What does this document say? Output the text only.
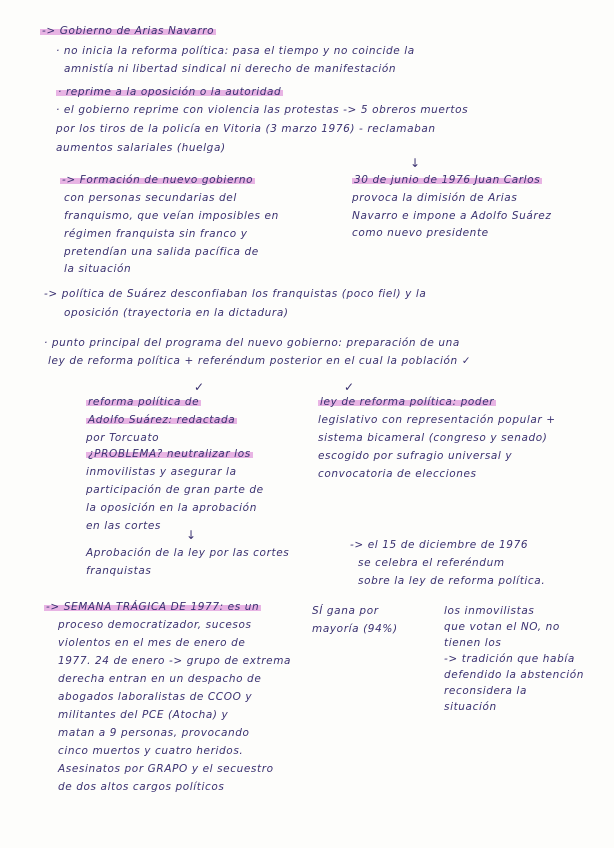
-> Gobierno de Arias Navarro
· no inicia la reforma política: pasa el tiempo y no coincide la
amnistía ni libertad sindical ni derecho de manifestación
· reprime a la oposición o la autoridad
· el gobierno reprime con violencia las protestas -> 5 obreros muertos
por los tiros de la policía en Vitoria (3 marzo 1976) - reclamaban
aumentos salariales (huelga)
-> Formación de nuevo gobierno
con personas secundarias del
franquismo, que veían imposibles en
régimen franquista sin franco y
pretendían una salida pacífica de
la situación
↓
30 de junio de 1976 Juan Carlos
provoca la dimisión de Arias
Navarro e impone a Adolfo Suárez
como nuevo presidente
-> política de Suárez desconfiaban los franquistas (poco fiel) y la
oposición (trayectoria en la dictadura)
· punto principal del programa del nuevo gobierno: preparación de una
ley de reforma política + referéndum posterior en el cual la población ✓
✓
reforma política de
Adolfo Suárez: redactada
por Torcuato
✓
ley de reforma política: poder
legislativo con representación popular +
sistema bicameral (congreso y senado)
escogido por sufragio universal y
convocatoria de elecciones
¿PROBLEMA? neutralizar los
inmovilistas y asegurar la
participación de gran parte de
la oposición en la aprobación
en las cortes
↓
Aprobación de la ley por las cortes
franquistas
-> el 15 de diciembre de 1976
se celebra el referéndum
sobre la ley de reforma política.
-> SEMANA TRÁGICA DE 1977: es un
proceso democratizador, sucesos
violentos en el mes de enero de
1977. 24 de enero -> grupo de extrema
derecha entran en un despacho de
abogados laboralistas de CCOO y
militantes del PCE (Atocha) y
matan a 9 personas, provocando
cinco muertos y cuatro heridos.
Asesinatos por GRAPO y el secuestro
de dos altos cargos políticos
SÍ gana por
mayoría (94%)
los inmovilistas
que votan el NO, no
tienen los
-> tradición que había
defendido la abstención
reconsidera la
situación
